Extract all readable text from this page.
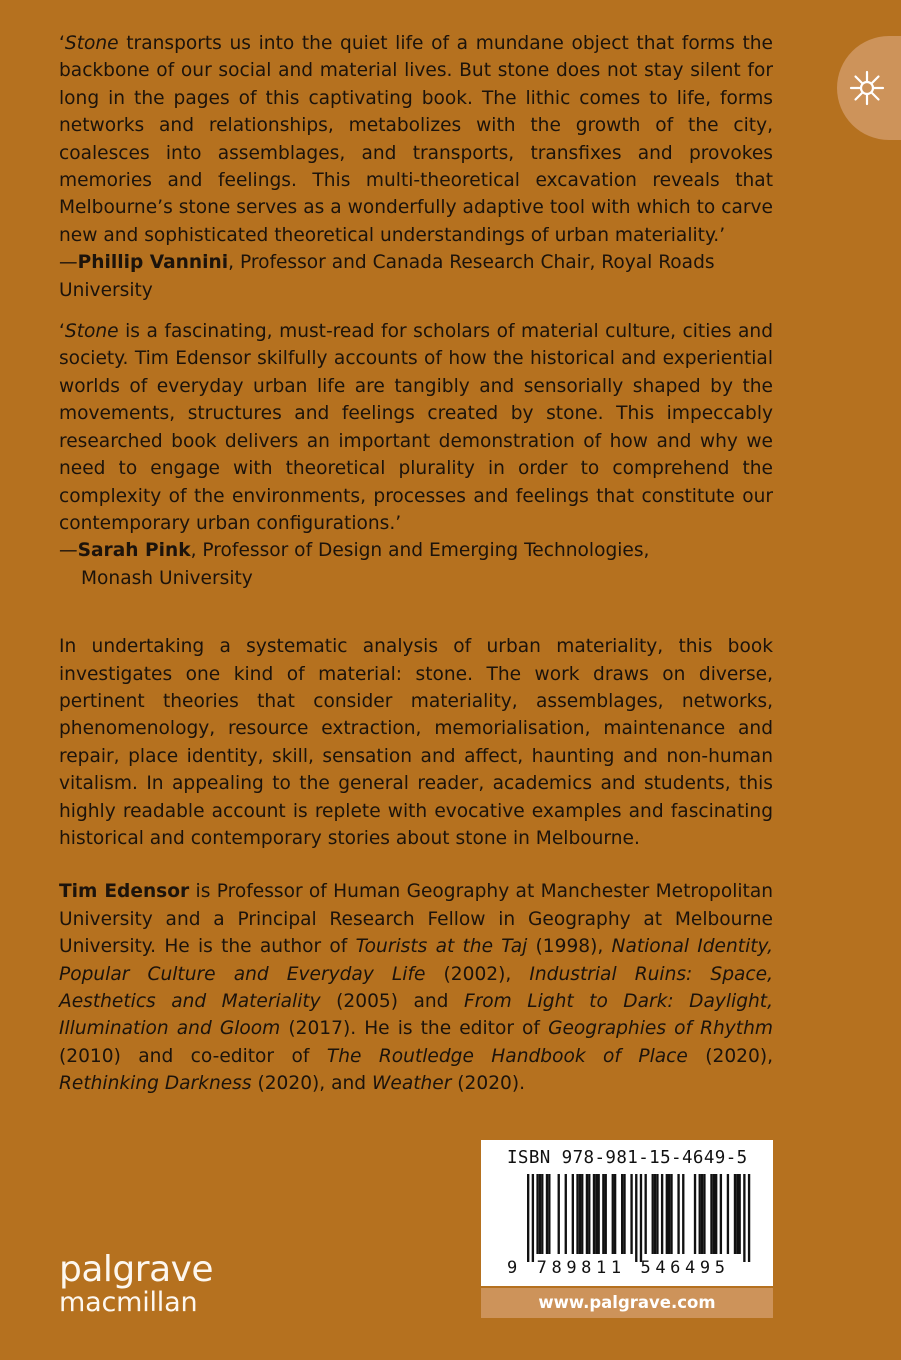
‘Stone transports us into the quiet life of a mundane object that forms the backbone of our social and material lives. But stone does not stay silent for long in the pages of this captivating book. The lithic comes to life, forms networks and relationships, metabolizes with the growth of the city, coalesces into assemblages, and transports, transfixes and provokes memories and feelings. This multi-theoretical excavation reveals that Melbourne’s stone serves as a wonderfully adaptive tool with which to carve new and sophisticated theoretical understandings of urban materiality.’

—Phillip Vannini, Professor and Canada Research Chair, Royal Roads University

‘Stone is a fascinating, must-read for scholars of material culture, cities and society. Tim Edensor skilfully accounts of how the historical and experiential worlds of everyday urban life are tangibly and sensorially shaped by the movements, structures and feelings created by stone. This impeccably researched book delivers an important demonstration of how and why we need to engage with theoretical plurality in order to comprehend the complexity of the environments, processes and feelings that constitute our contemporary urban configurations.’

—Sarah Pink, Professor of Design and Emerging Technologies,
Monash University

In undertaking a systematic analysis of urban materiality, this book investigates one kind of material: stone. The work draws on diverse, pertinent theories that consider materiality, assemblages, networks, phenomenology, resource extraction, memorialisation, maintenance and repair, place identity, skill, sensation and affect, haunting and non-human vitalism. In appealing to the general reader, academics and students, this highly readable account is replete with evocative examples and fascinating historical and contemporary stories about stone in Melbourne.

Tim Edensor is Professor of Human Geography at Manchester Metropolitan University and a Principal Research Fellow in Geography at Melbourne University. He is the author of Tourists at the Taj (1998), National Identity, Popular Culture and Everyday Life (2002), Industrial Ruins: Space, Aesthetics and Materiality (2005) and From Light to Dark: Daylight, Illumination and Gloom (2017). He is the editor of Geographies of Rhythm (2010) and co-editor of The Routledge Handbook of Place (2020), Rethinking Darkness (2020), and Weather (2020).

palgrave
macmillan
ISBN 978-981-15-4649-5
9 789811 546495
www.palgrave.com
